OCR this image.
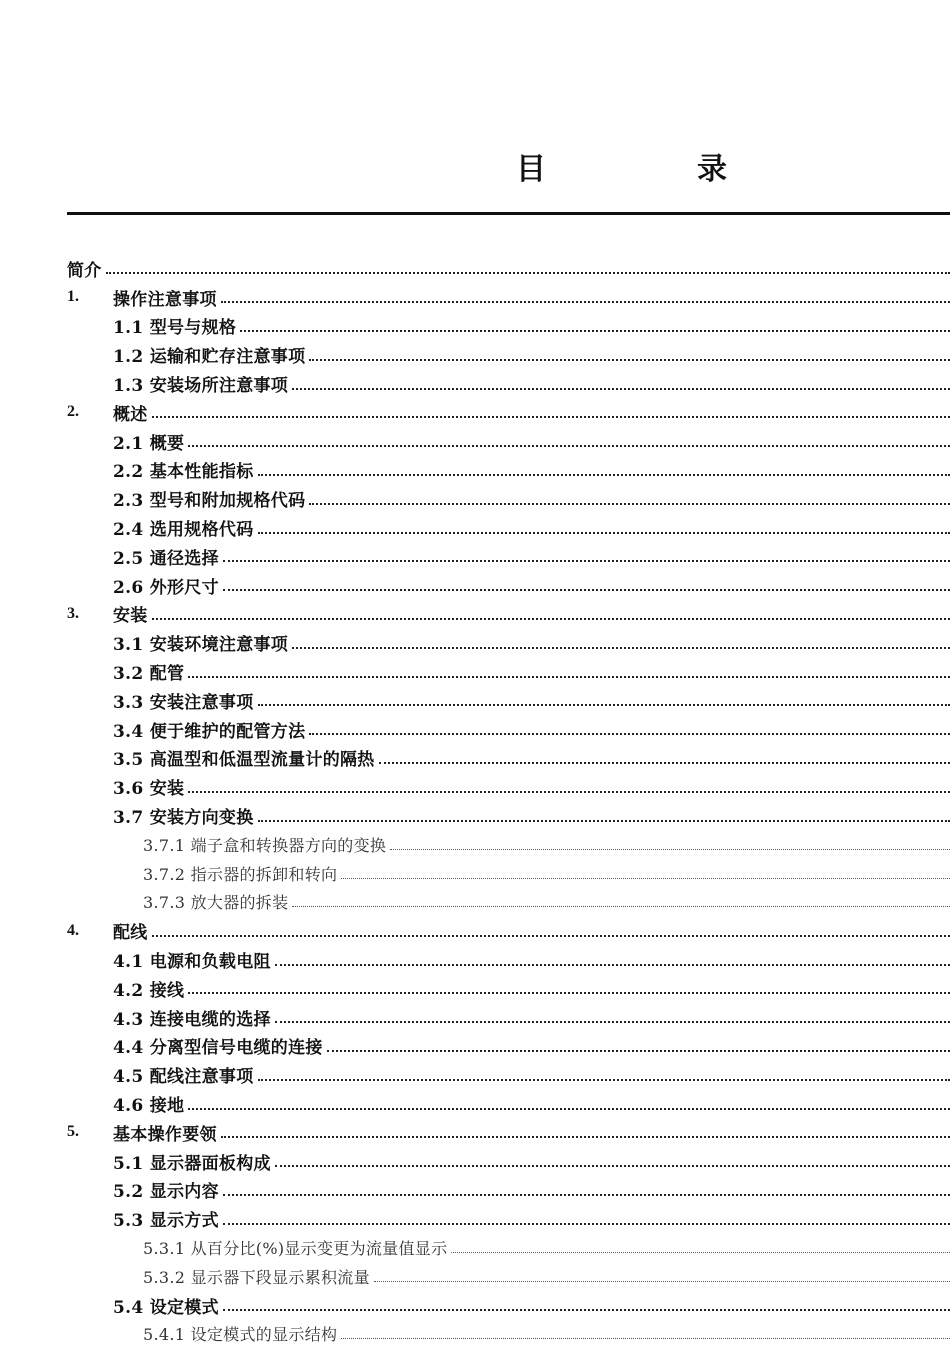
目	录
简介
1. 操作注意事项
1.1 型号与规格
1.2 运输和贮存注意事项
1.3 安装场所注意事项
2. 概述
2.1 概要
2.2 基本性能指标
2.3 型号和附加规格代码
2.4 选用规格代码
2.5 通径选择
2.6 外形尺寸
3. 安装
3.1 安装环境注意事项
3.2 配管
3.3 安装注意事项
3.4 便于维护的配管方法
3.5 高温型和低温型流量计的隔热
3.6 安装
3.7 安装方向变换
3.7.1 端子盒和转换器方向的变换
3.7.2 指示器的拆卸和转向
3.7.3 放大器的拆装
4. 配线
4.1 电源和负载电阻
4.2 接线
4.3 连接电缆的选择
4.4 分离型信号电缆的连接
4.5 配线注意事项
4.6 接地
5. 基本操作要领
5.1 显示器面板构成
5.2 显示内容
5.3 显示方式
5.3.1 从百分比(%)显示变更为流量值显示
5.3.2 显示器下段显示累积流量
5.4 设定模式
5.4.1 设定模式的显示结构
